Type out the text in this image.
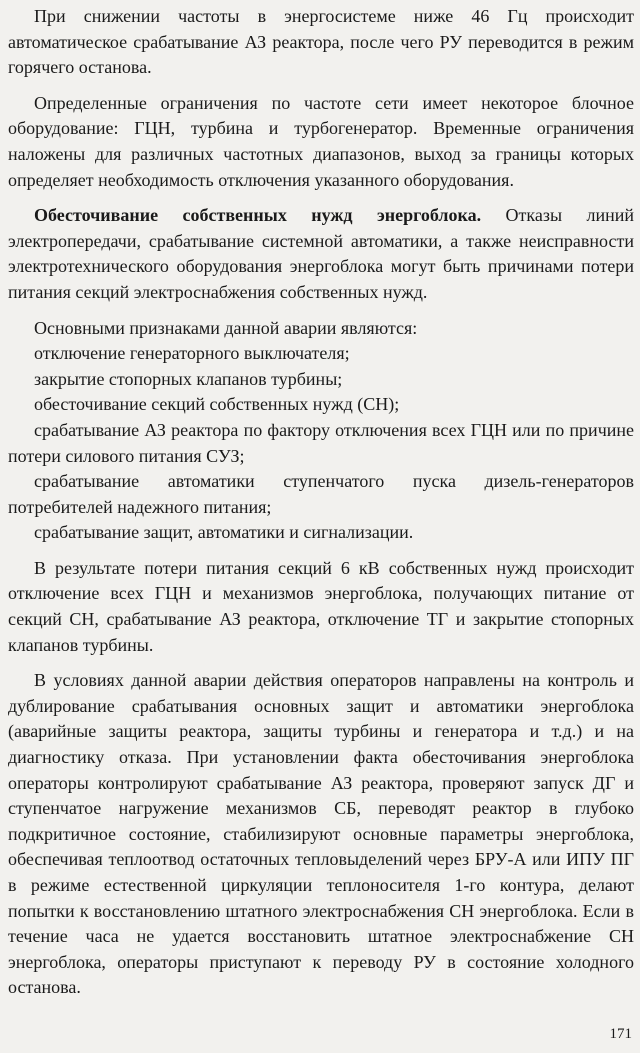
При снижении частоты в энергосистеме ниже 46 Гц происходит автоматическое срабатывание АЗ реактора, после чего РУ переводится в режим горячего останова.

Определенные ограничения по частоте сети имеет некоторое блочное оборудование: ГЦН, турбина и турбогенератор. Временные ограничения наложены для различных частотных диапазонов, выход за границы которых определяет необходимость отключения указанного оборудования.

Обесточивание собственных нужд энергоблока. Отказы линий электропередачи, срабатывание системной автоматики, а также неисправности электротехнического оборудования энергоблока могут быть причинами потери питания секций электроснабжения собственных нужд.

Основными признаками данной аварии являются:

отключение генераторного выключателя;

закрытие стопорных клапанов турбины;

обесточивание секций собственных нужд (СН);

срабатывание АЗ реактора по фактору отключения всех ГЦН или по причине потери силового питания СУЗ;

срабатывание автоматики ступенчатого пуска дизель-генераторов потребителей надежного питания;

срабатывание защит, автоматики и сигнализации.

В результате потери питания секций 6 кВ собственных нужд происходит отключение всех ГЦН и механизмов энергоблока, получающих питание от секций СН, срабатывание АЗ реактора, отключение ТГ и закрытие стопорных клапанов турбины.

В условиях данной аварии действия операторов направлены на контроль и дублирование срабатывания основных защит и автоматики энергоблока (аварийные защиты реактора, защиты турбины и генератора и т.д.) и на диагностику отказа. При установлении факта обесточивания энергоблока операторы контролируют срабатывание АЗ реактора, проверяют запуск ДГ и ступенчатое нагружение механизмов СБ, переводят реактор в глубоко подкритичное состояние, стабилизируют основные параметры энергоблока, обеспечивая теплоотвод остаточных тепловыделений через БРУ-А или ИПУ ПГ в режиме естественной циркуляции теплоносителя 1-го контура, делают попытки к восстановлению штатного электроснабжения СН энергоблока. Если в течение часа не удается восстановить штатное электроснабжение СН энергоблока, операторы приступают к переводу РУ в состояние холодного останова.

171
